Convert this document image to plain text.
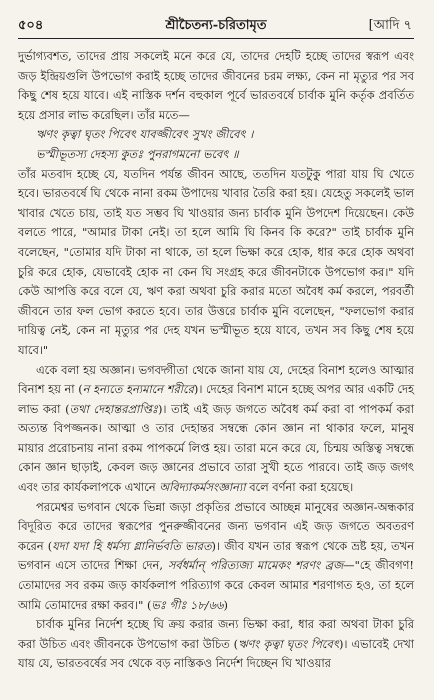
৫০৪	শ্রীচৈতন্য-চরিতামৃত	[আদি ৭

দুর্ভাগ্যবশত, তাদের প্রায় সকলেই মনে করে যে, তাদের দেহটি হচ্ছে তাদের স্বরূপ এবং জড় ইন্দ্রিয়গুলি উপভোগ করাই হচ্ছে তাদের জীবনের চরম লক্ষ্য, কেন না মৃত্যুর পর সব কিছু শেষ হয়ে যাবে। এই নাস্তিক দর্শন বহুকাল পূর্বে ভারতবর্ষে চার্বাক মুনি কর্তৃক প্রবর্তিত হয়ে প্রসার লাভ করেছিল। তাঁর মতে—

ঋণং কৃত্বা ঘৃতং পিবেৎ যাবজ্জীবেৎ সুখং জীবেৎ ।

ভস্মীভূতস্য দেহস্য কুতঃ পুনরাগমনো ভবেৎ ॥

তাঁর মতবাদ হচ্ছে যে, যতদিন পর্যন্ত জীবন আছে, ততদিন যতটুকু পারা যায় ঘি খেতে হবে। ভারতবর্ষে ঘি থেকে নানা রকম উপাদেয় খাবার তৈরি করা হয়। যেহেতু সকলেই ভাল খাবার খেতে চায়, তাই যত সম্ভব ঘি খাওয়ার জন্য চার্বাক মুনি উপদেশ দিয়েছেন। কেউ বলতে পারে, "আমার টাকা নেই। তা হলে আমি ঘি কিনব কি করে?" তাই চার্বাক মুনি বলেছেন, "তোমার যদি টাকা না থাকে, তা হলে ভিক্ষা করে হোক, ধার করে হোক অথবা চুরি করে হোক, যেভাবেই হোক না কেন ঘি সংগ্রহ করে জীবনটাকে উপভোগ কর।" যদি কেউ আপত্তি করে বলে যে, ঋণ করা অথবা চুরি করার মতো অবৈধ কর্ম করলে, পরবর্তী জীবনে তার ফল ভোগ করতে হবে। তার উত্তরে চার্বাক মুনি বলেছেন, "ফলভোগ করার দায়িত্ব নেই, কেন না মৃত্যুর পর দেহ যখন ভস্মীভূত হয়ে যাবে, তখন সব কিছু শেষ হয়ে যাবে।"

একে বলা হয় অজ্ঞান। ভগবদ্গীতা থেকে জানা যায় যে, দেহের বিনাশ হলেও আত্মার বিনাশ হয় না (ন হন্যতে হন্যমানে শরীরে)। দেহের বিনাশ মানে হচ্ছে অপর আর একটি দেহ লাভ করা (তথা দেহান্তরপ্রাপ্তিঃ)। তাই এই জড় জগতে অবৈধ কর্ম করা বা পাপকর্ম করা অত্যন্ত বিপজ্জনক। আত্মা ও তার দেহান্তর সম্বন্ধে কোন জ্ঞান না থাকার ফলে, মানুষ মায়ার প্ররোচনায় নানা রকম পাপকর্মে লিপ্ত হয়। তারা মনে করে যে, চিন্ময় অস্তিত্ব সম্বন্ধে কোন জ্ঞান ছাড়াই, কেবল জড় জ্ঞানের প্রভাবে তারা সুখী হতে পারবে। তাই জড় জগৎ এবং তার কার্যকলাপকে এখানে অবিদ্যাকর্মসংজ্ঞান্যা বলে বর্ণনা করা হয়েছে।

পরমেশ্বর ভগবান থেকে ভিন্না জড়া প্রকৃতির প্রভাবে আচ্ছন্ন মানুষের অজ্ঞান-অন্ধকার বিদূরিত করে তাদের স্বরূপের পুনরুজ্জীবনের জন্য ভগবান এই জড় জগতে অবতরণ করেন (যদা যদা হি ধর্মস্য গ্লানির্ভবতি ভারত)। জীব যখন তার স্বরূপ থেকে ভ্রষ্ট হয়, তখন ভগবান এসে তাদের শিক্ষা দেন, সর্বধর্মান্ পরিত্যজ্য মামেকং শরণং ব্রজ—"হে জীবগণ! তোমাদের সব রকম জড় কার্যকলাপ পরিত্যাগ করে কেবল আমার শরণাগত হও, তা হলে আমি তোমাদের রক্ষা করব।" (ভঃ গীঃ ১৮/৬৬)

চার্বাক মুনির নির্দেশ হচ্ছে ঘি ক্রয় করার জন্য ভিক্ষা করা, ধার করা অথবা টাকা চুরি করা উচিত এবং জীবনকে উপভোগ করা উচিত (ঋণং কৃত্বা ঘৃতং পিবেৎ)। এভাবেই দেখা যায় যে, ভারতবর্ষের সব থেকে বড় নাস্তিকও নির্দেশ দিচ্ছেন ঘি খাওয়ার
